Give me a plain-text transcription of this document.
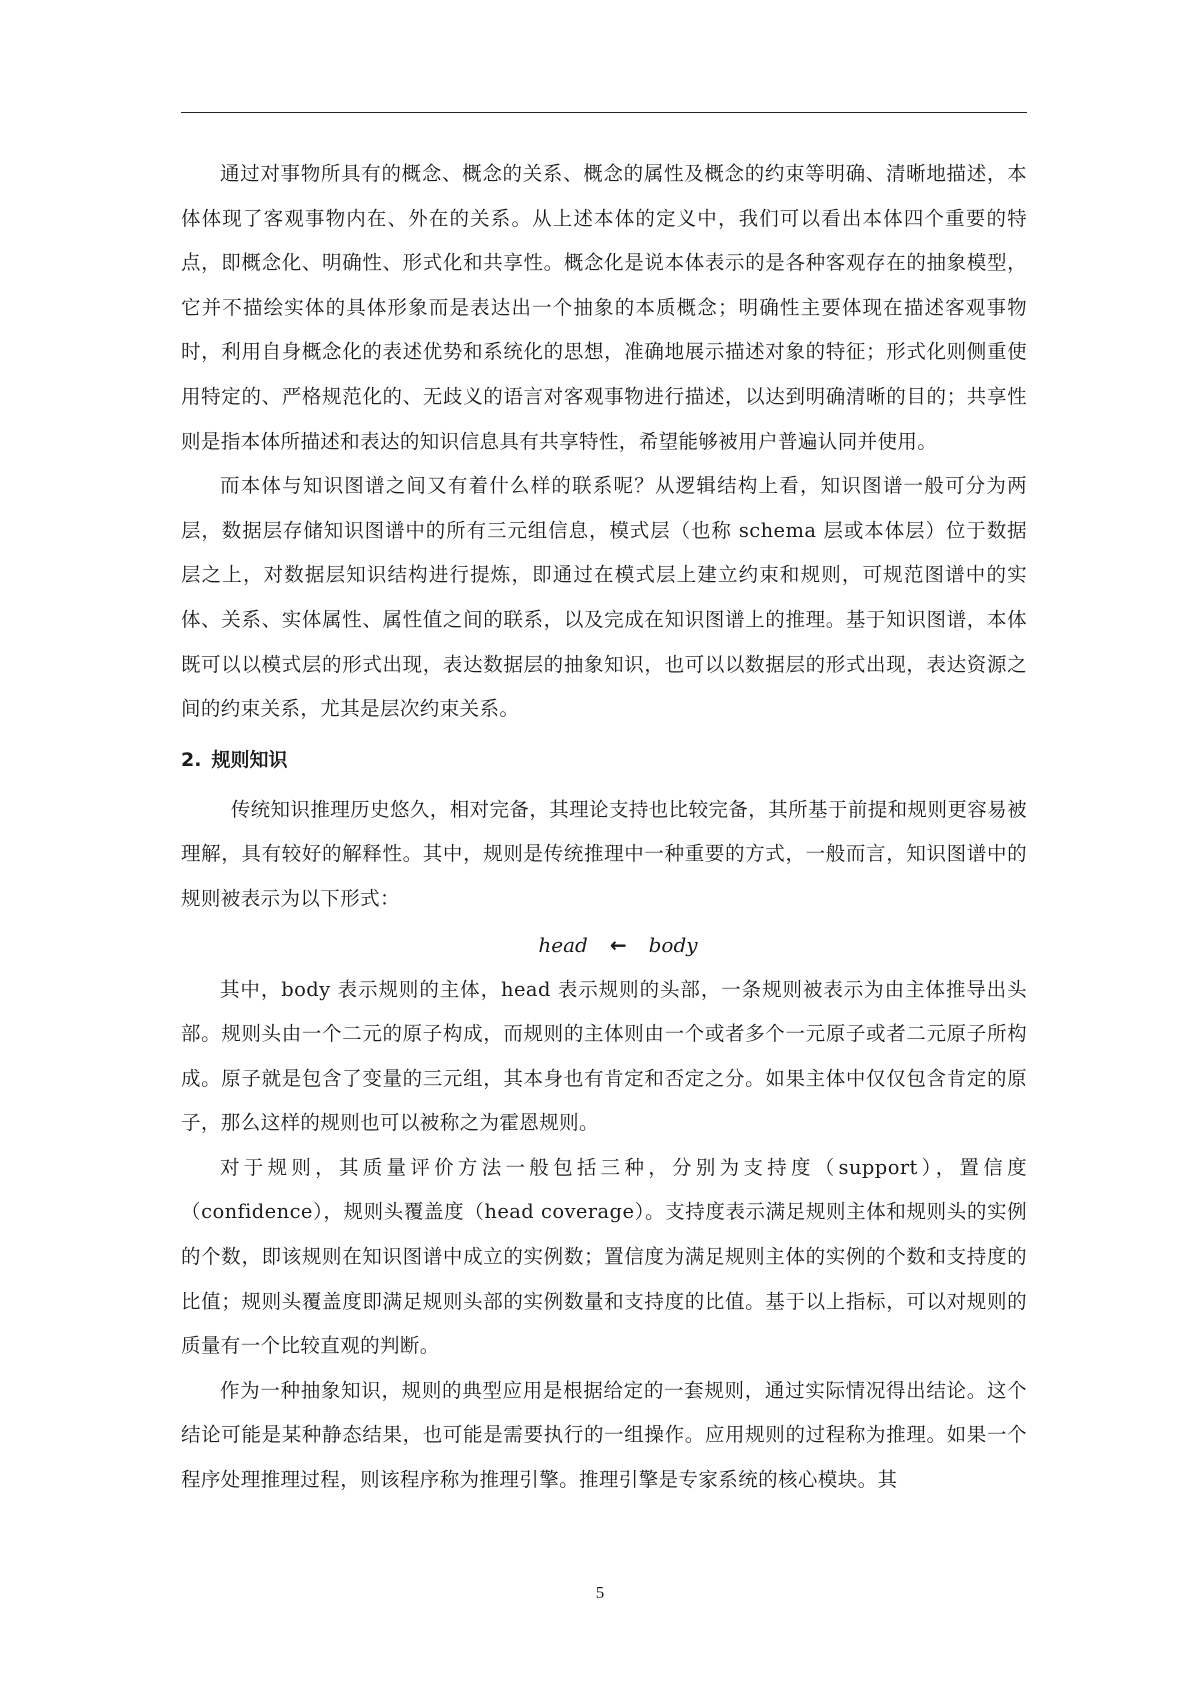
通过对事物所具有的概念、概念的关系、概念的属性及概念的约束等明确、清晰地描述，本体体现了客观事物内在、外在的关系。从上述本体的定义中，我们可以看出本体四个重要的特点，即概念化、明确性、形式化和共享性。概念化是说本体表示的是各种客观存在的抽象模型，它并不描绘实体的具体形象而是表达出一个抽象的本质概念；明确性主要体现在描述客观事物时，利用自身概念化的表述优势和系统化的思想，准确地展示描述对象的特征；形式化则侧重使用特定的、严格规范化的、无歧义的语言对客观事物进行描述，以达到明确清晰的目的；共享性则是指本体所描述和表达的知识信息具有共享特性，希望能够被用户普遍认同并使用。

而本体与知识图谱之间又有着什么样的联系呢？从逻辑结构上看，知识图谱一般可分为两层，数据层存储知识图谱中的所有三元组信息，模式层（也称 schema 层或本体层）位于数据层之上，对数据层知识结构进行提炼，即通过在模式层上建立约束和规则，可规范图谱中的实体、关系、实体属性、属性值之间的联系，以及完成在知识图谱上的推理。基于知识图谱，本体既可以以模式层的形式出现，表达数据层的抽象知识，也可以以数据层的形式出现，表达资源之间的约束关系，尤其是层次约束关系。

2. 规则知识

传统知识推理历史悠久，相对完备，其理论支持也比较完备，其所基于前提和规则更容易被理解，具有较好的解释性。其中，规则是传统推理中一种重要的方式，一般而言，知识图谱中的规则被表示为以下形式：

head ← body

其中，body 表示规则的主体，head 表示规则的头部，一条规则被表示为由主体推导出头部。规则头由一个二元的原子构成，而规则的主体则由一个或者多个一元原子或者二元原子所构成。原子就是包含了变量的三元组，其本身也有肯定和否定之分。如果主体中仅仅包含肯定的原子，那么这样的规则也可以被称之为霍恩规则。

对于规则，其质量评价方法一般包括三种，分别为支持度（support），置信度（confidence），规则头覆盖度（head coverage）。支持度表示满足规则主体和规则头的实例的个数，即该规则在知识图谱中成立的实例数；置信度为满足规则主体的实例的个数和支持度的比值；规则头覆盖度即满足规则头部的实例数量和支持度的比值。基于以上指标，可以对规则的质量有一个比较直观的判断。

作为一种抽象知识，规则的典型应用是根据给定的一套规则，通过实际情况得出结论。这个结论可能是某种静态结果，也可能是需要执行的一组操作。应用规则的过程称为推理。如果一个程序处理推理过程，则该程序称为推理引擎。推理引擎是专家系统的核心模块。其

5
